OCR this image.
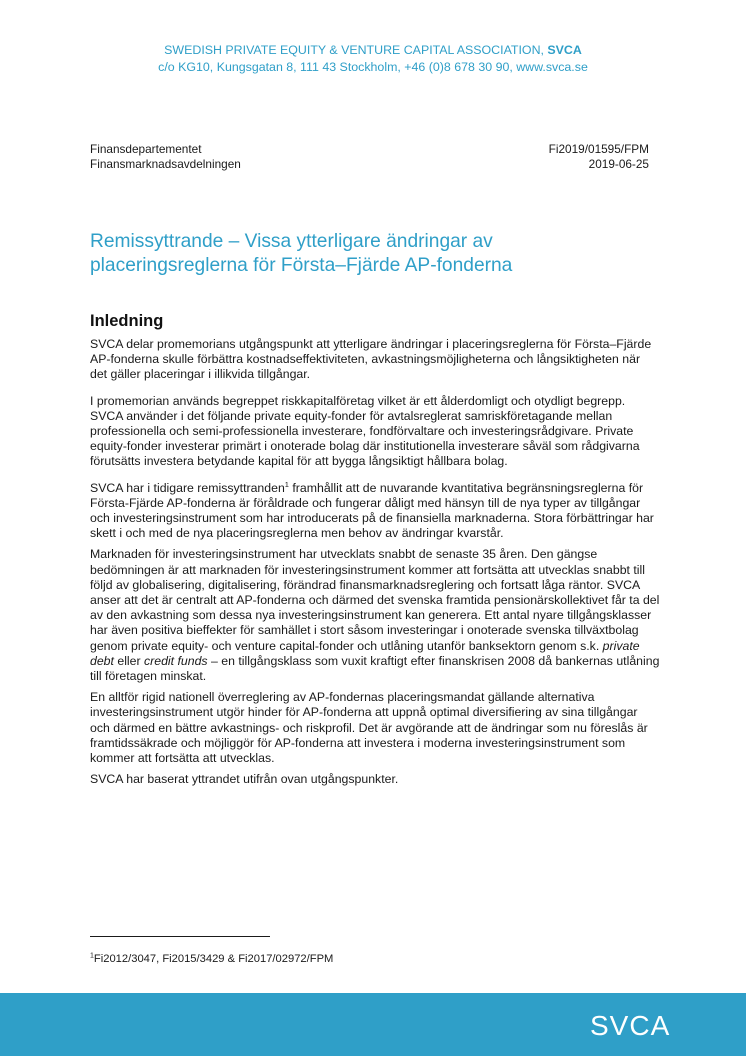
SWEDISH PRIVATE EQUITY & VENTURE CAPITAL ASSOCIATION, SVCA
c/o KG10, Kungsgatan 8, 111 43 Stockholm, +46 (0)8 678 30 90, www.svca.se
Finansdepartementet
Finansmarknadsavdelningen
Fi2019/01595/FPM
2019-06-25
Remissyttrande – Vissa ytterligare ändringar av
placeringsreglerna för Första–Fjärde AP-fonderna
Inledning

SVCA delar promemorians utgångspunkt att ytterligare ändringar i placeringsreglerna för Första–Fjärde AP-fonderna skulle förbättra kostnadseffektiviteten, avkastningsmöjligheterna och långsiktigheten när det gäller placeringar i illikvida tillgångar.

I promemorian används begreppet riskkapitalföretag vilket är ett ålderdomligt och otydligt begrepp. SVCA använder i det följande private equity-fonder för avtalsreglerat samriskföretagande mellan professionella och semi-professionella investerare, fondförvaltare och investeringsrådgivare. Private equity-fonder investerar primärt i onoterade bolag där institutionella investerare såväl som rådgivarna förutsätts investera betydande kapital för att bygga långsiktigt hållbara bolag.

SVCA har i tidigare remissyttranden$^1$ framhållit att de nuvarande kvantitativa begränsningsreglerna för Första-Fjärde AP-fonderna är föråldrade och fungerar dåligt med hänsyn till de nya typer av tillgångar och investeringsinstrument som har introducerats på de finansiella marknaderna. Stora förbättringar har skett i och med de nya placeringsreglerna men behov av ändringar kvarstår.

Marknaden för investeringsinstrument har utvecklats snabbt de senaste 35 åren. Den gängse bedömningen är att marknaden för investeringsinstrument kommer att fortsätta att utvecklas snabbt till följd av globalisering, digitalisering, förändrad finansmarknadsreglering och fortsatt låga räntor. SVCA anser att det är centralt att AP-fonderna och därmed det svenska framtida pensionärskollektivet får ta del av den avkastning som dessa nya investeringsinstrument kan generera. Ett antal nyare tillgångsklasser har även positiva bieffekter för samhället i stort såsom investeringar i onoterade svenska tillväxtbolag genom private equity- och venture capital-fonder och utlåning utanför banksektorn genom s.k. private debt eller credit funds – en tillgångsklass som vuxit kraftigt efter finanskrisen 2008 då bankernas utlåning till företagen minskat.

En alltför rigid nationell överreglering av AP-fondernas placeringsmandat gällande alternativa investeringsinstrument utgör hinder för AP-fonderna att uppnå optimal diversifiering av sina tillgångar och därmed en bättre avkastnings- och riskprofil. Det är avgörande att de ändringar som nu föreslås är framtidssäkrade och möjliggör för AP-fonderna att investera i moderna investeringsinstrument som kommer att fortsätta att utvecklas.

SVCA har baserat yttrandet utifrån ovan utgångspunkter.

$^1$Fi2012/3047, Fi2015/3429 & Fi2017/02972/FPM
SVCA
